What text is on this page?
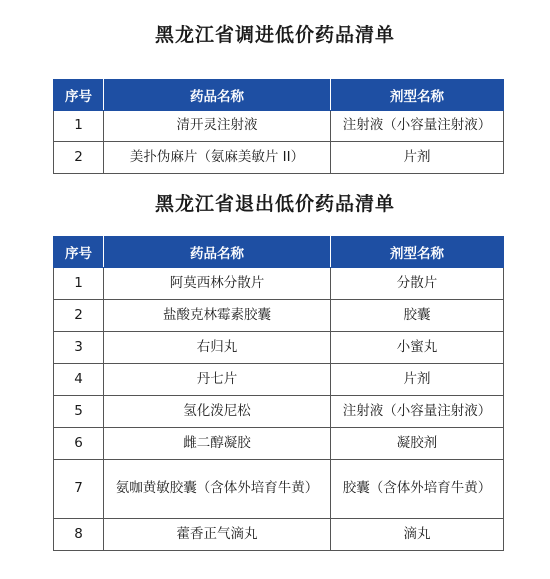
黑龙江省调进低价药品清单
序号	药品名称	剂型名称
1	清开灵注射液	注射液（小容量注射液）
2	美扑伪麻片（氨麻美敏片 II）	片剂
黑龙江省退出低价药品清单
序号	药品名称	剂型名称
1	阿莫西林分散片	分散片
2	盐酸克林霉素胶囊	胶囊
3	右归丸	小蜜丸
4	丹七片	片剂
5	氢化泼尼松	注射液（小容量注射液）
6	雌二醇凝胶	凝胶剂
7	氨咖黄敏胶囊（含体外培育牛黄）	胶囊（含体外培育牛黄）
8	藿香正气滴丸	滴丸
